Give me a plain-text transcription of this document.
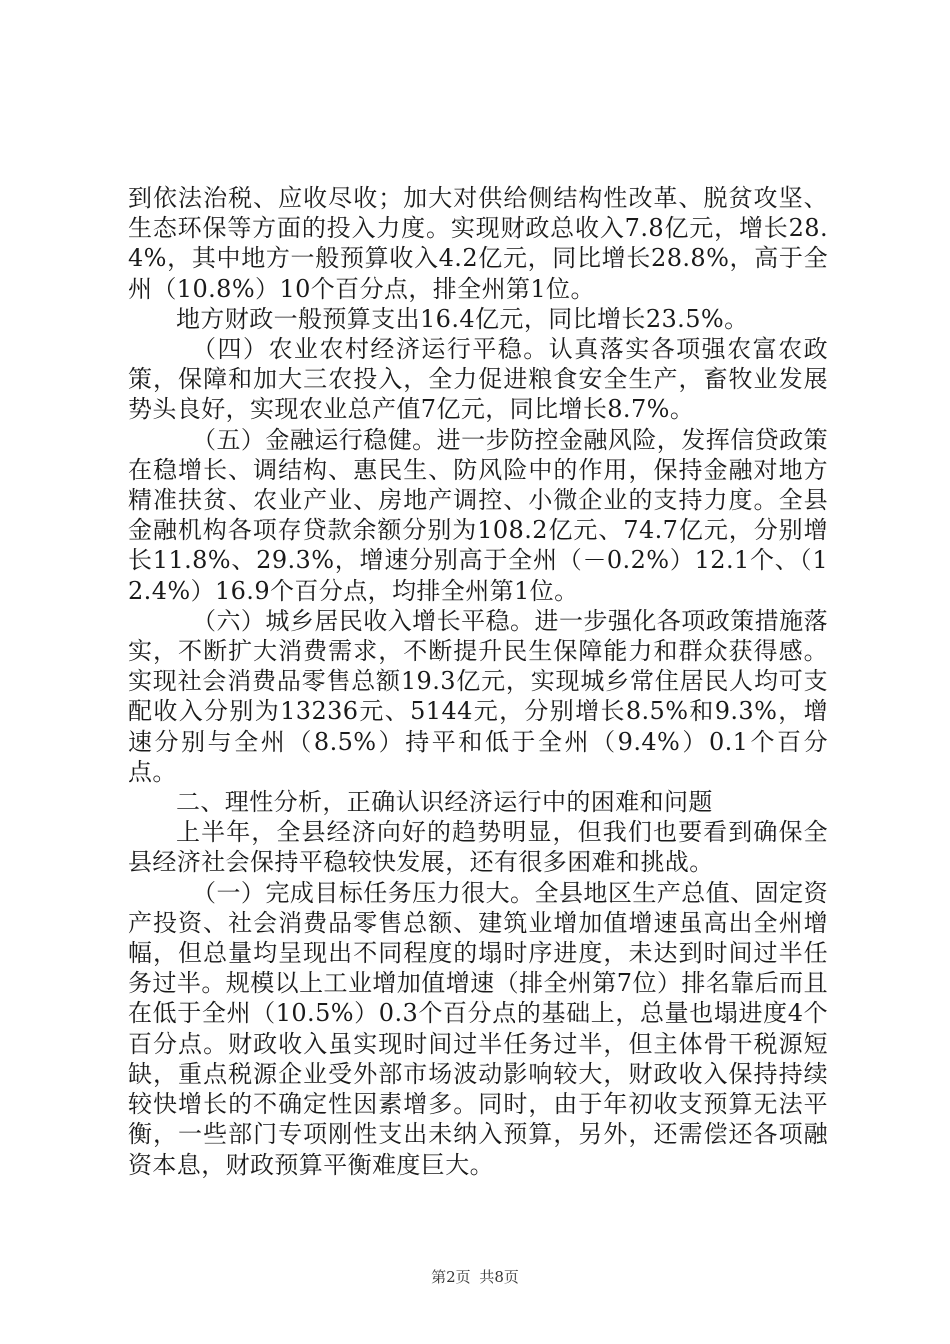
到依法治税、应收尽收；加大对供给侧结构性改革、脱贫攻坚、生态环保等方面的投入力度。实现财政总收入7.8亿元，增长28.4%，其中地方一般预算收入4.2亿元，同比增长28.8%，高于全州（10.8%）10个百分点，排全州第1位。

地方财政一般预算支出16.4亿元，同比增长23.5%。

（四）农业农村经济运行平稳。认真落实各项强农富农政策，保障和加大三农投入，全力促进粮食安全生产，畜牧业发展势头良好，实现农业总产值7亿元，同比增长8.7%。

（五）金融运行稳健。进一步防控金融风险，发挥信贷政策在稳增长、调结构、惠民生、防风险中的作用，保持金融对地方精准扶贫、农业产业、房地产调控、小微企业的支持力度。全县金融机构各项存贷款余额分别为108.2亿元、74.7亿元，分别增长11.8%、29.3%，增速分别高于全州（－0.2%）12.1个、（12.4%）16.9个百分点，均排全州第1位。

（六）城乡居民收入增长平稳。进一步强化各项政策措施落实，不断扩大消费需求，不断提升民生保障能力和群众获得感。实现社会消费品零售总额19.3亿元，实现城乡常住居民人均可支配收入分别为13236元、5144元，分别增长8.5%和9.3%，增速分别与全州（8.5%）持平和低于全州（9.4%）0.1个百分点。

二、理性分析，正确认识经济运行中的困难和问题

上半年，全县经济向好的趋势明显，但我们也要看到确保全县经济社会保持平稳较快发展，还有很多困难和挑战。

（一）完成目标任务压力很大。全县地区生产总值、固定资产投资、社会消费品零售总额、建筑业增加值增速虽高出全州增幅，但总量均呈现出不同程度的塌时序进度，未达到时间过半任务过半。规模以上工业增加值增速（排全州第7位）排名靠后而且在低于全州（10.5%）0.3个百分点的基础上，总量也塌进度4个百分点。财政收入虽实现时间过半任务过半，但主体骨干税源短缺，重点税源企业受外部市场波动影响较大，财政收入保持持续较快增长的不确定性因素增多。同时，由于年初收支预算无法平衡，一些部门专项刚性支出未纳入预算，另外，还需偿还各项融资本息，财政预算平衡难度巨大。

第2页 共8页
